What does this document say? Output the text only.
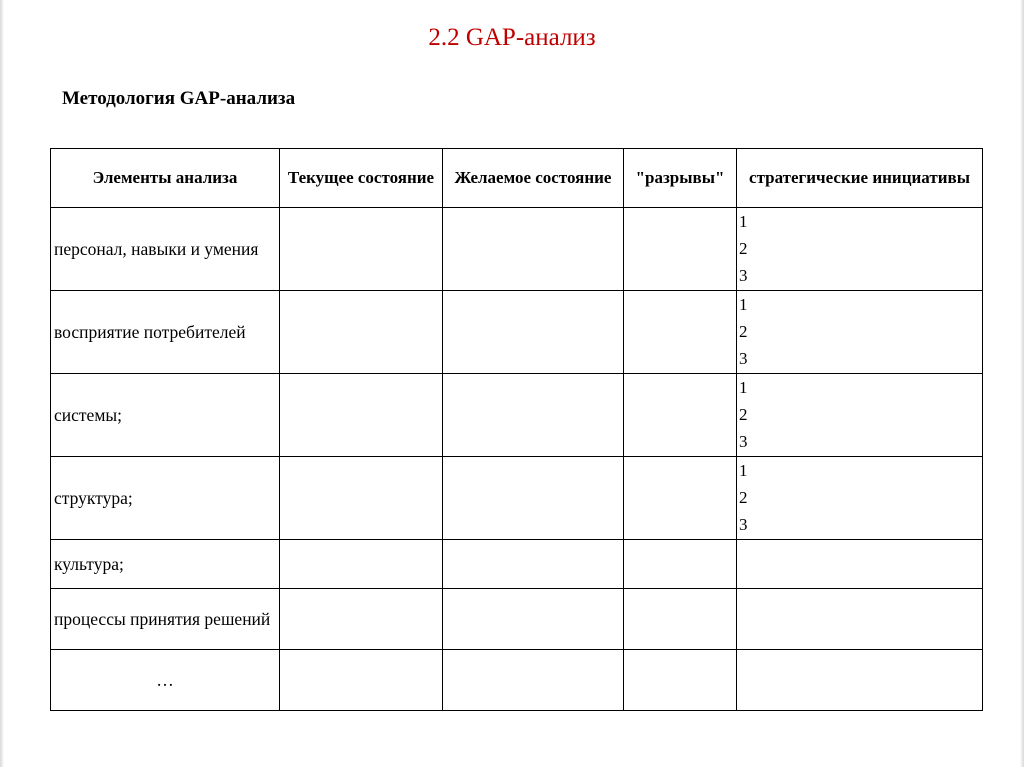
2.2 GAP-анализ
Методология GAP-анализа
Элементы анализа	Текущее состояние	Желаемое состояние	"разрывы"	стратегические инициативы
персонал, навыки и умения				1
2
3

восприятие потребителей				1
2
3

системы;				1
2
3

структура;				1
2
3

культура;				
процессы принятия решений				
…				
